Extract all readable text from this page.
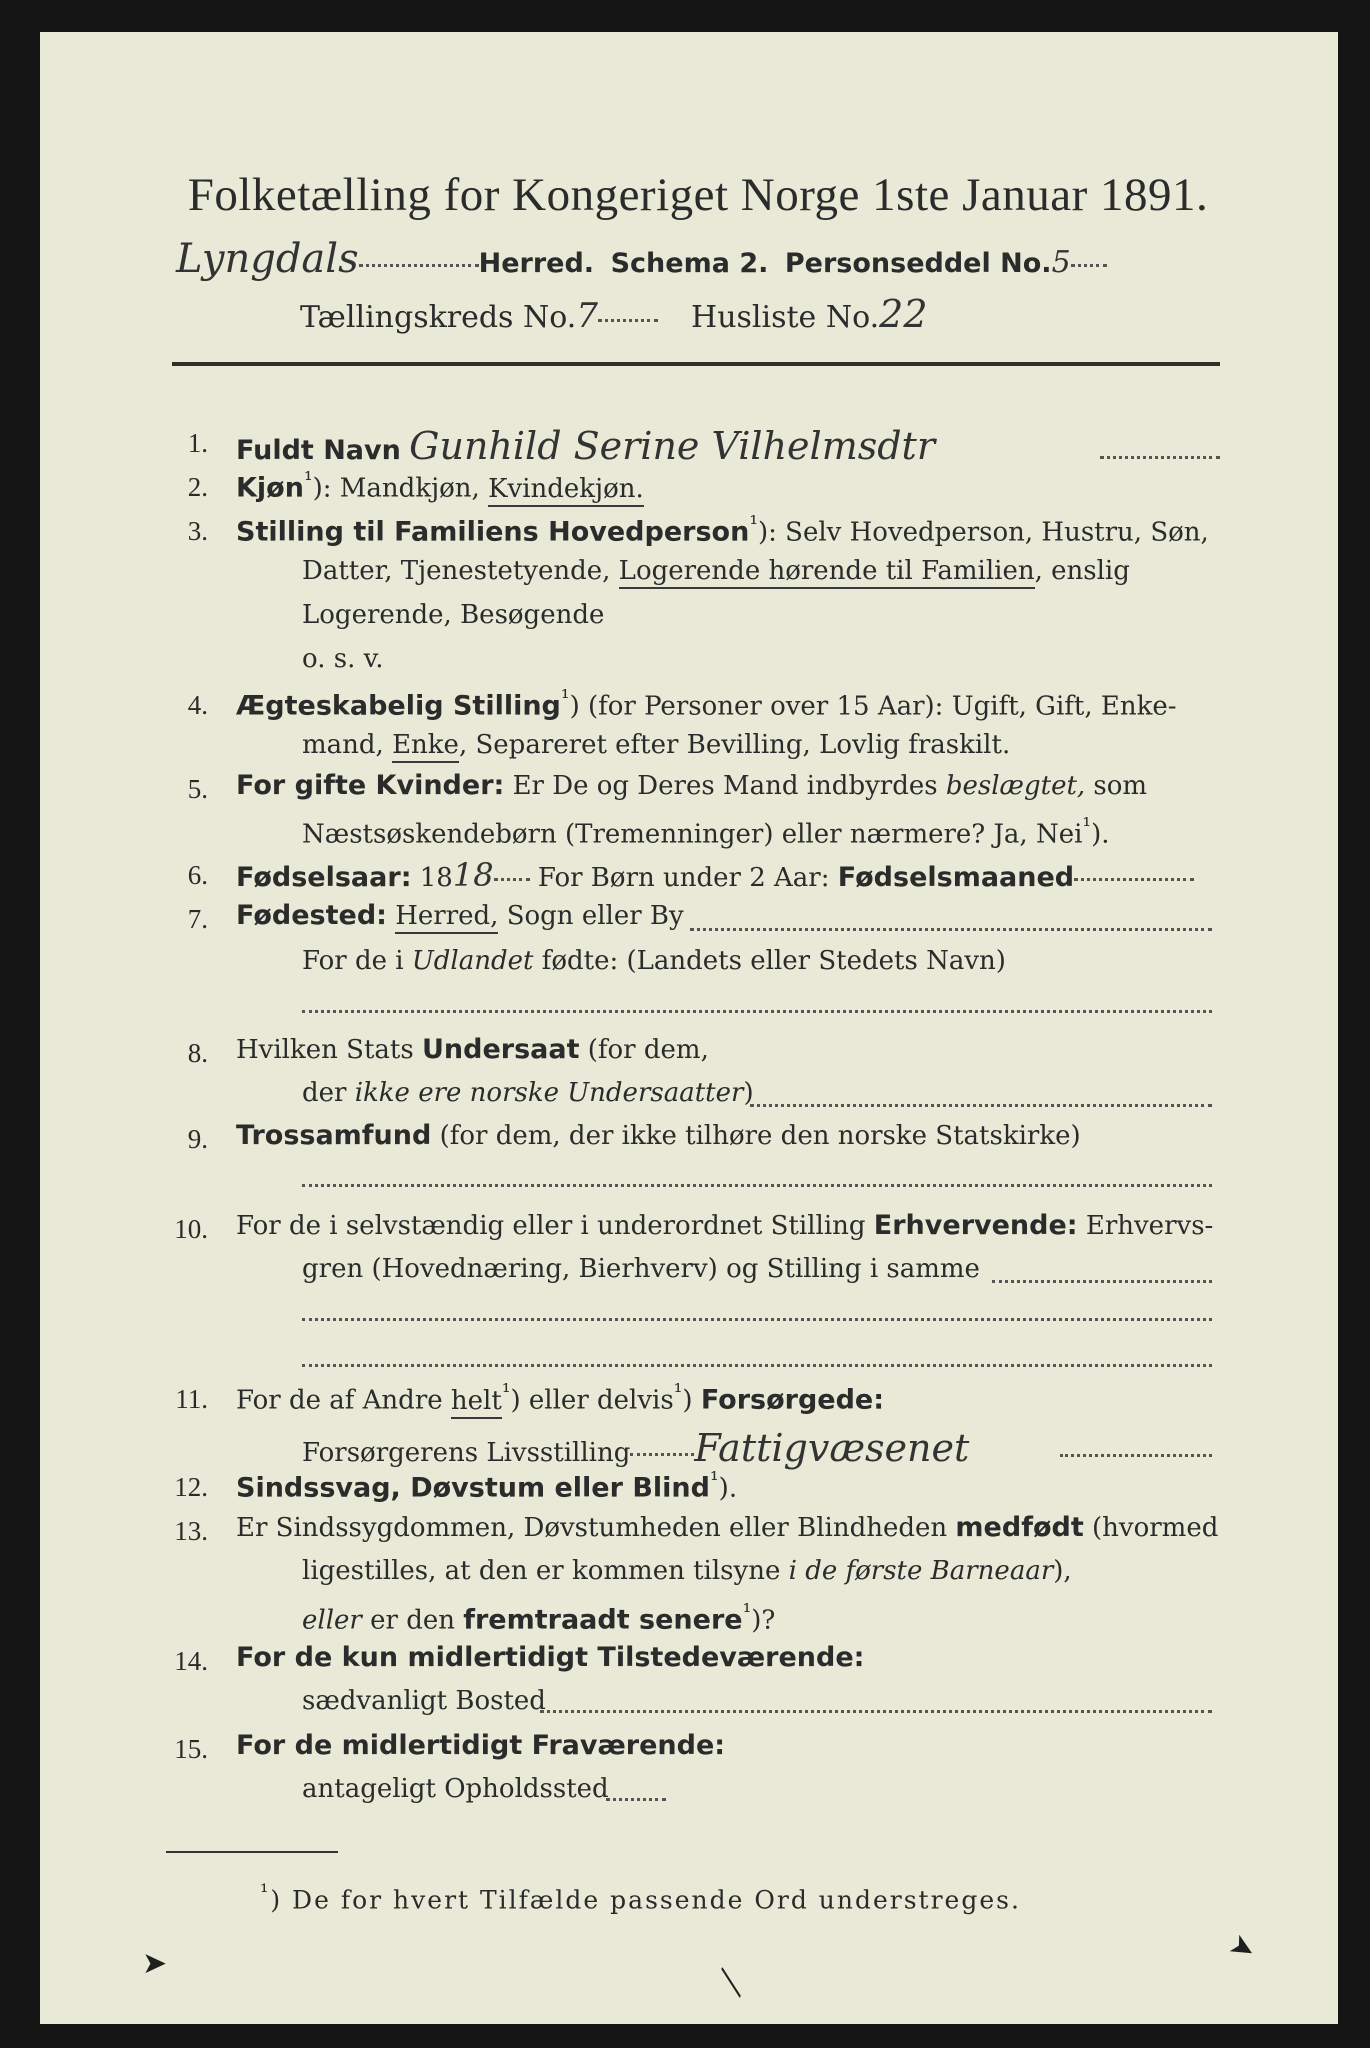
Folketælling for Kongeriget Norge 1ste Januar 1891.
Lyngdals	Herred. Schema 2. Personseddel No.5
Tællingskreds No.7	Husliste No.22
1. Fuldt Navn Gunhild Serine Vilhelmsdtr
2. Kjøn$^{^1}$): Mandkjøn, Kvindekjøn.
3. Stilling til Familiens Hovedperson$^{^1}$): Selv Hovedperson, Hustru, Søn,
Datter, Tjenestetyende, Logerende hørende til Familien, enslig
Logerende, Besøgende
o. s. v.
4. Ægteskabelig Stilling$^{^1}$) (for Personer over 15 Aar): Ugift, Gift, Enke-
mand, Enke, Separeret efter Bevilling, Lovlig fraskilt.
5. For gifte Kvinder: Er De og Deres Mand indbyrdes beslægtet, som
Næstsøskendebørn (Tremenninger) eller nærmere? Ja, Nei$^{^1}$).
6. Fødselsaar: 1818 For Børn under 2 Aar: Fødselsmaaned
7. Fødested: Herred, Sogn eller By
For de i Udlandet fødte: (Landets eller Stedets Navn)
8. Hvilken Stats Undersaat (for dem,
der ikke ere norske Undersaatter)
9. Trossamfund (for dem, der ikke tilhøre den norske Statskirke)
10. For de i selvstændig eller i underordnet Stilling Erhvervende: Erhvervs-
gren (Hovednæring, Bierhverv) og Stilling i samme
11. For de af Andre helt$^{^1}$) eller delvis$^{^1}$) Forsørgede:
Forsørgerens Livsstilling Fattigvæsenet
12. Sindssvag, Døvstum eller Blind$^{^1}$).
13. Er Sindssygdommen, Døvstumheden eller Blindheden medfødt (hvormed
ligestilles, at den er kommen tilsyne i de første Barneaar),
eller er den fremtraadt senere$^{^1}$)?
14. For de kun midlertidigt Tilstedeværende:
sædvanligt Bosted
15. For de midlertidigt Fraværende:
antageligt Opholdssted
$^{^1}$) De for hvert Tilfælde passende Ord understreges.
➤	➤
╱
